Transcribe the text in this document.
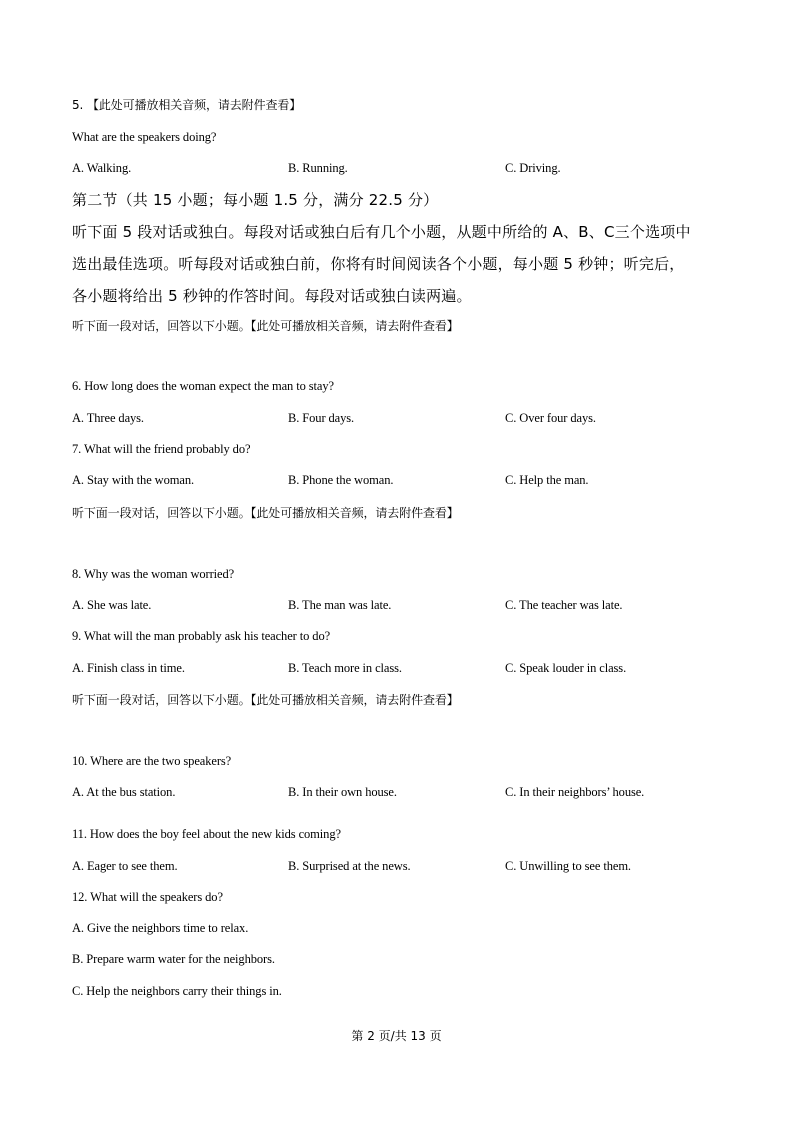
5. 【此处可播放相关音频，请去附件查看】
What are the speakers doing?
A. Walking.	B. Running.	C. Driving.
第二节（共 15 小题；每小题 1.5 分，满分 22.5 分）
听下面 5 段对话或独白。每段对话或独白后有几个小题，从题中所给的 A、B、C三个选项中
选出最佳选项。听每段对话或独白前，你将有时间阅读各个小题，每小题 5 秒钟；听完后，
各小题将给出 5 秒钟的作答时间。每段对话或独白读两遍。
听下面一段对话，回答以下小题。【此处可播放相关音频，请去附件查看】
6. How long does the woman expect the man to stay?
A. Three days.	B. Four days.	C. Over four days.
7. What will the friend probably do?
A. Stay with the woman.	B. Phone the woman.	C. Help the man.
听下面一段对话，回答以下小题。【此处可播放相关音频，请去附件查看】
8. Why was the woman worried?
A. She was late.	B. The man was late.	C. The teacher was late.
9. What will the man probably ask his teacher to do?
A. Finish class in time.	B. Teach more in class.	C. Speak louder in class.
听下面一段对话，回答以下小题。【此处可播放相关音频，请去附件查看】
10. Where are the two speakers?
A. At the bus station.	B. In their own house.	C. In their neighbors’ house.
11. How does the boy feel about the new kids coming?
A. Eager to see them.	B. Surprised at the news.	C. Unwilling to see them.
12. What will the speakers do?
A. Give the neighbors time to relax.
B. Prepare warm water for the neighbors.
C. Help the neighbors carry their things in.
第 2 页/共 13 页
